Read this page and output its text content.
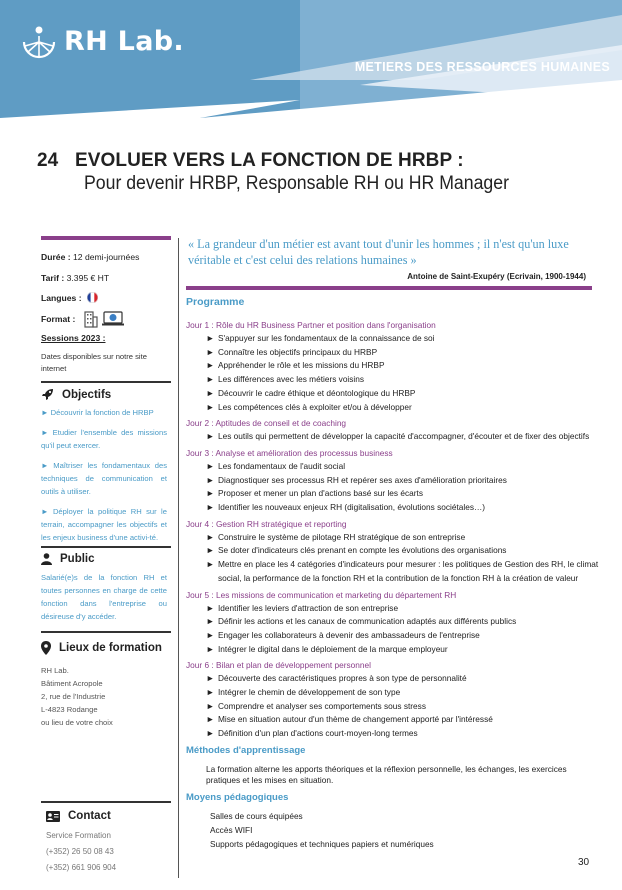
RH Lab.
METIERS DES RESSOURCES HUMAINES
24 EVOLUER VERS LA FONCTION DE HRBP :
Pour devenir HRBP, Responsable RH ou HR Manager
Durée : 12 demi-journées
Tarif : 3.395 € HT
Langues :
Format :
Sessions 2023 :
Dates disponibles sur notre site internet
Objectifs
► Découvrir la fonction de HRBP
► Etudier l'ensemble des missions qu'il peut exercer.
► Maîtriser les fondamentaux des techniques de communication et outils à utiliser.
► Déployer la politique RH sur le terrain, accompagner les objectifs et les enjeux business d'une activi-té.
Public
Salarié(e)s de la fonction RH et toutes personnes en charge de cette fonction dans l'entreprise ou désireuse d'y accéder.
Lieux de formation
RH Lab.
Bâtiment Acropole
2, rue de l'Industrie
L-4823 Rodange
ou lieu de votre choix
Contact
Service Formation
(+352) 26 50 08 43
(+352) 661 906 904
« La grandeur d'un métier est avant tout d'unir les hommes ; il n'est qu'un luxe véritable et c'est celui des relations humaines »
Antoine de Saint-Exupéry (Ecrivain, 1900-1944)
Programme
Jour 1 : Rôle du HR Business Partner et position dans l'organisation
► S'appuyer sur les fondamentaux de la connaissance de soi
► Connaître les objectifs principaux du HRBP
► Appréhender le rôle et les missions du HRBP
► Les différences avec les métiers voisins
► Découvrir le cadre éthique et déontologique du HRBP
► Les compétences clés à exploiter et/ou à développer
Jour 2 : Aptitudes de conseil et de coaching
► Les outils qui permettent de développer la capacité d'accompagner, d'écouter et de fixer des objectifs
Jour 3 : Analyse et amélioration des processus business
► Les fondamentaux de l'audit social
► Diagnostiquer ses processus RH et repérer ses axes d'amélioration prioritaires
► Proposer et mener un plan d'actions basé sur les écarts
► Identifier les nouveaux enjeux RH (digitalisation, évolutions sociétales…)
Jour 4 : Gestion RH stratégique et reporting
► Construire le système de pilotage RH stratégique de son entreprise
► Se doter d'indicateurs clés prenant en compte les évolutions des organisations
► Mettre en place les 4 catégories d'indicateurs pour mesurer : les politiques de Gestion des RH, le climat social, la performance de la fonction RH et la contribution de la fonction RH à la création de valeur
Jour 5 : Les missions de communication et marketing du département RH
► Identifier les leviers d'attraction de son entreprise
► Définir les actions et les canaux de communication adaptés aux différents publics
► Engager les collaborateurs à devenir des ambassadeurs de l'entreprise
► Intégrer le digital dans le déploiement de la marque employeur
Jour 6 : Bilan et plan de développement personnel
► Découverte des caractéristiques propres à son type de personnalité
► Intégrer le chemin de développement de son type
► Comprendre et analyser ses comportements sous stress
► Mise en situation autour d'un thème de changement apporté par l'intéressé
► Définition d'un plan d'actions court-moyen-long termes
Méthodes d'apprentissage
La formation alterne les apports théoriques et la réflexion personnelle, les échanges, les exercices pratiques et les mises en situation.
Moyens pédagogiques
Salles de cours équipées
Accès WIFI
Supports pédagogiques et techniques papiers et numériques
30
